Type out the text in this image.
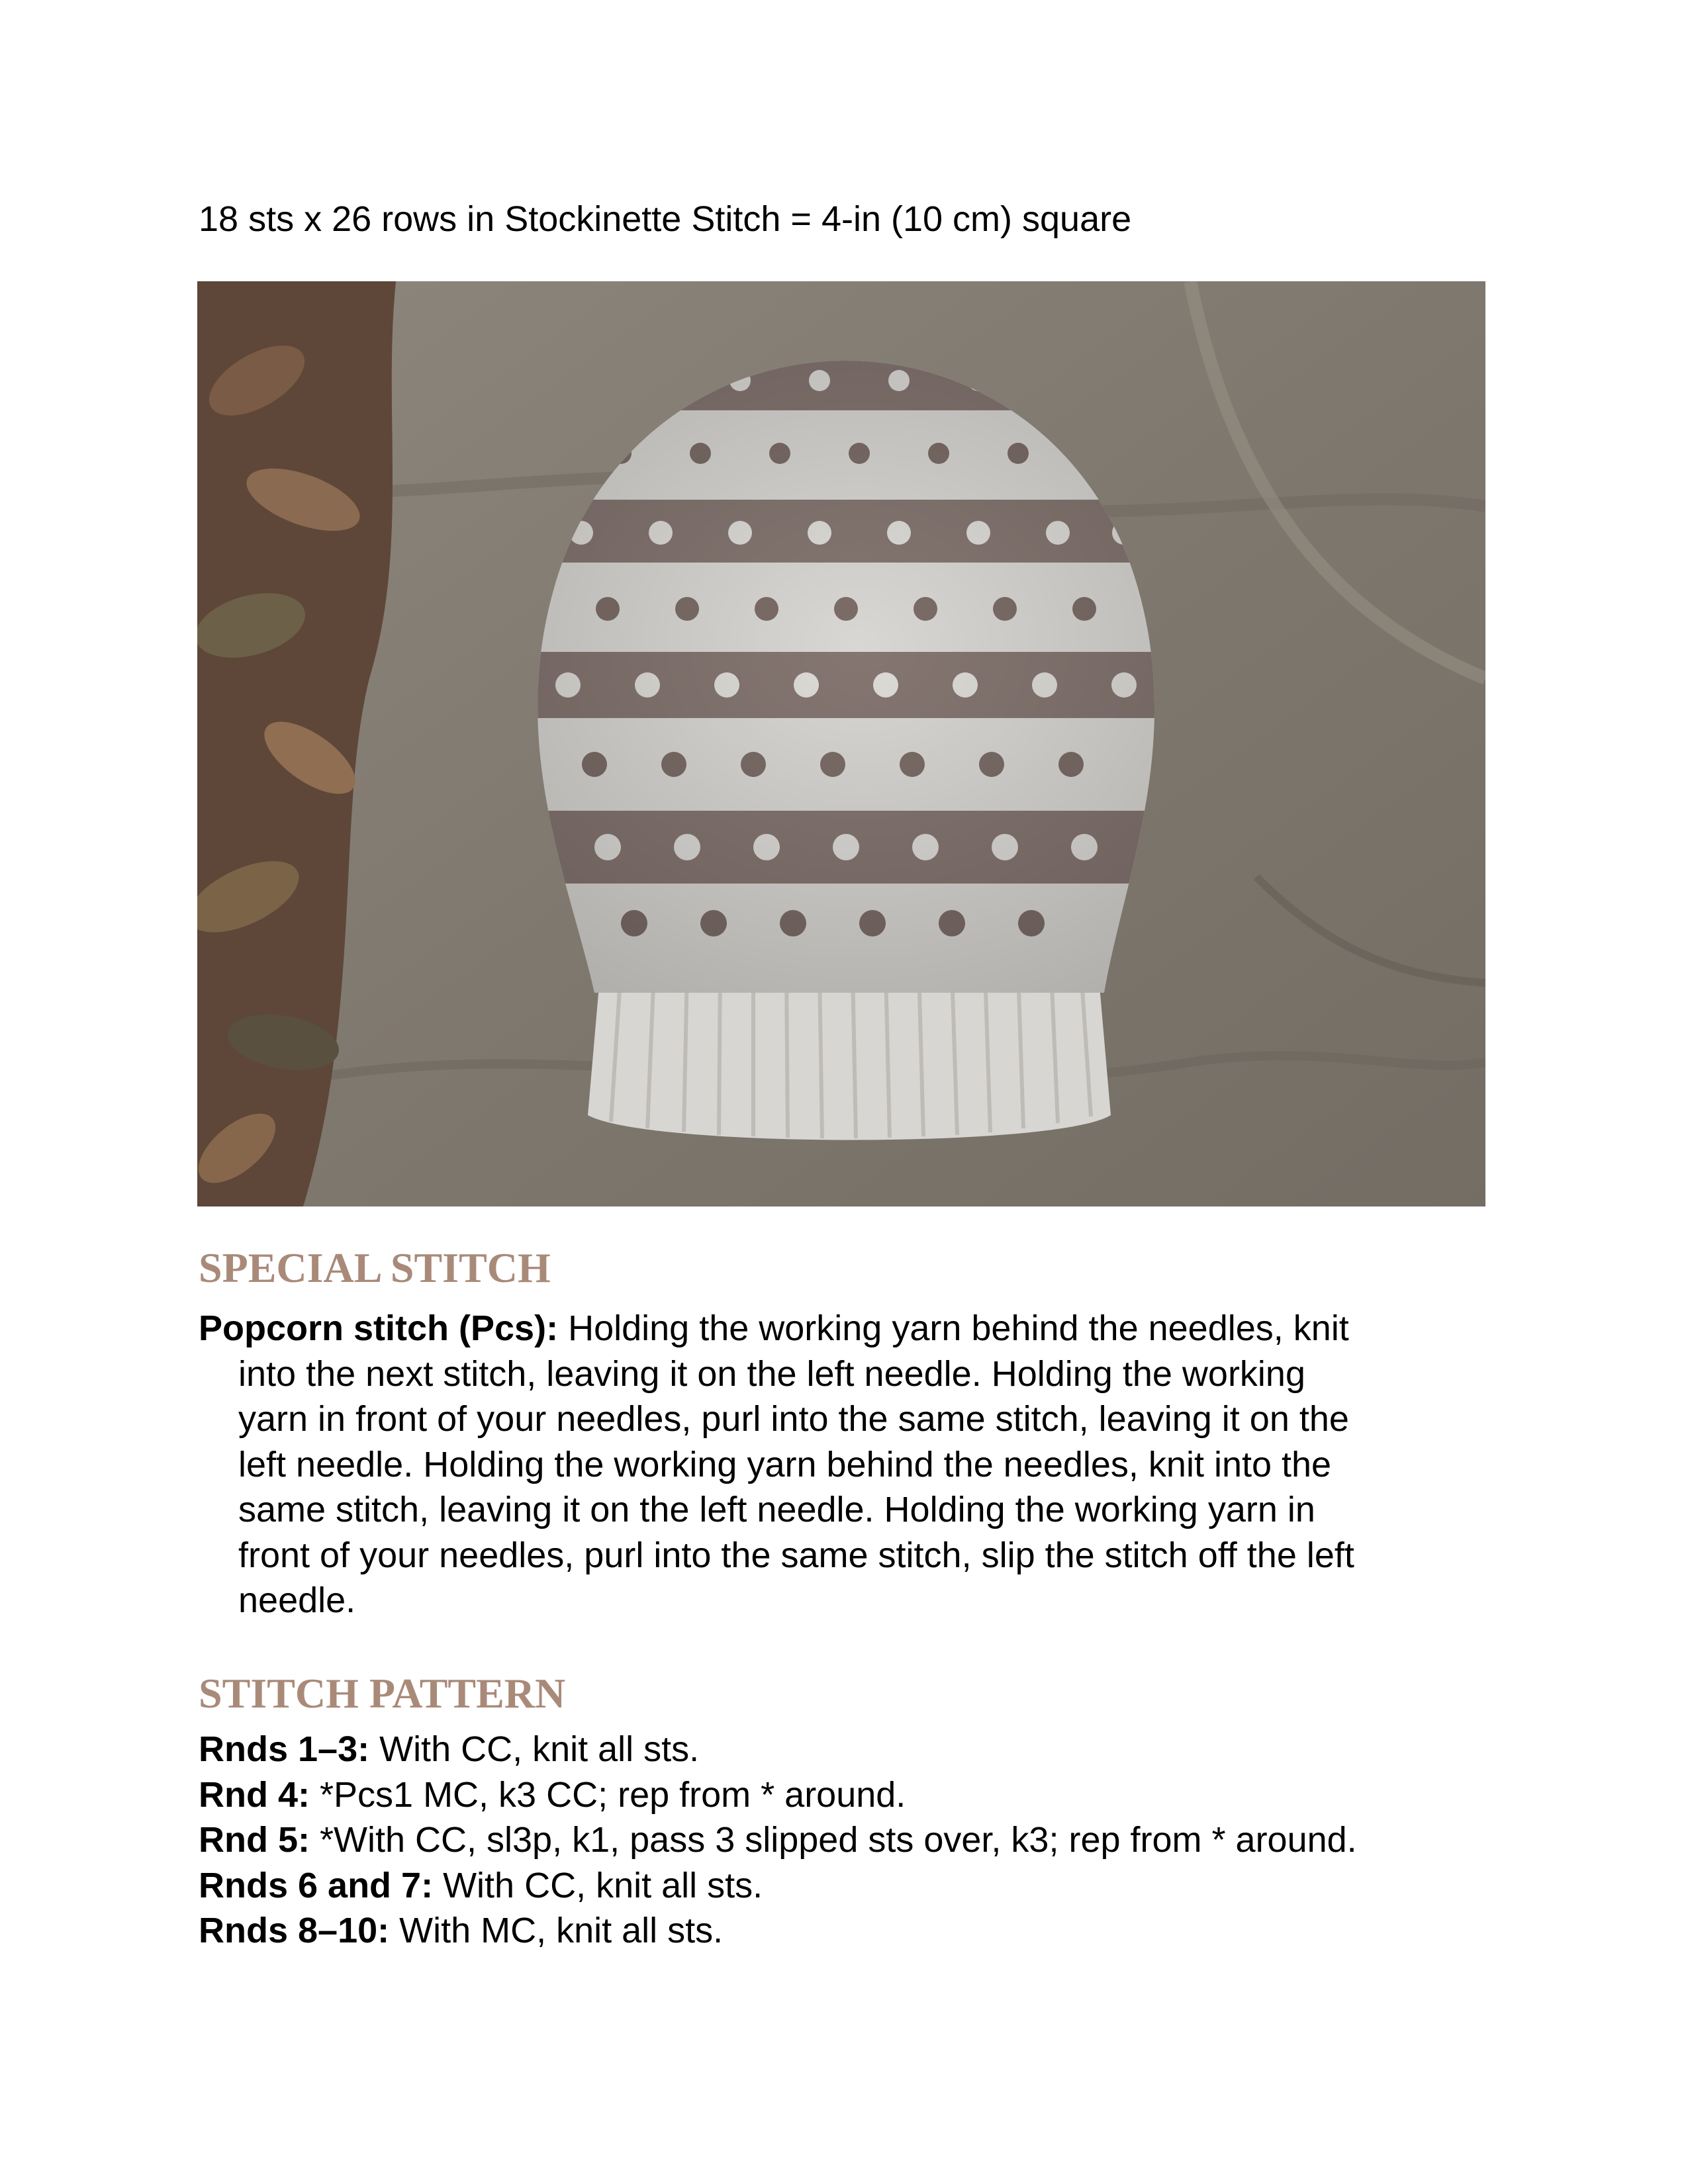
18 sts x 26 rows in Stockinette Stitch = 4-in (10 cm) square
SPECIAL STITCH
Popcorn stitch (Pcs): Holding the working yarn behind the needles, knit
into the next stitch, leaving it on the left needle. Holding the working
yarn in front of your needles, purl into the same stitch, leaving it on the
left needle. Holding the working yarn behind the needles, knit into the
same stitch, leaving it on the left needle. Holding the working yarn in
front of your needles, purl into the same stitch, slip the stitch off the left
needle.
STITCH PATTERN
Rnds 1–3: With CC, knit all sts.
Rnd 4: *Pcs1 MC, k3 CC; rep from * around.
Rnd 5: *With CC, sl3p, k1, pass 3 slipped sts over, k3; rep from * around.
Rnds 6 and 7: With CC, knit all sts.
Rnds 8–10: With MC, knit all sts.
